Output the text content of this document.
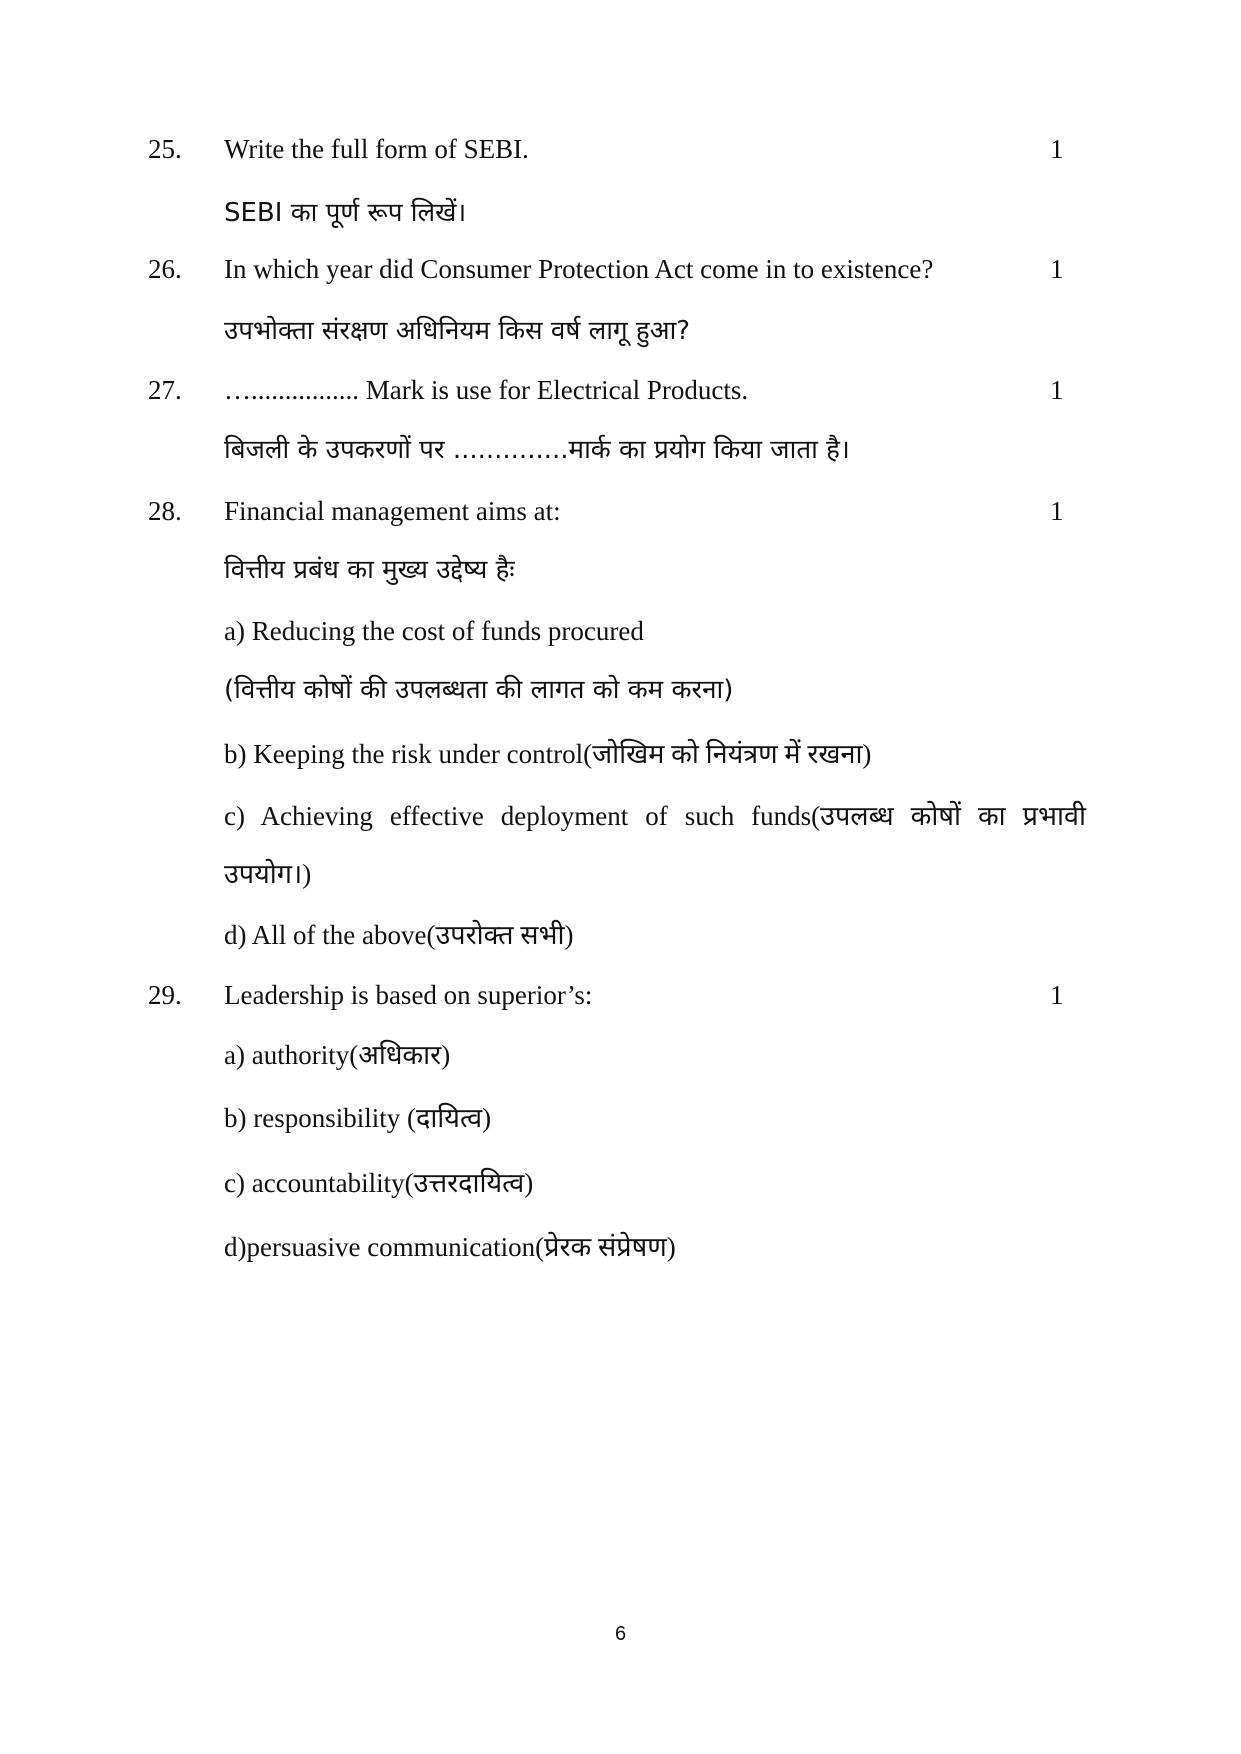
25. Write the full form of SEBI.	1
SEBI का पूर्ण रूप लिखें।
26. In which year did Consumer Protection Act come in to existence?	1
उपभोक्ता संरक्षण अधिनियम किस वर्ष लागू हुआ?
27. …................ Mark is use for Electrical Products.	1
बिजली के उपकरणों पर ..............मार्क का प्रयोग किया जाता है।
28. Financial management aims at:	1
वित्तीय प्रबंध का मुख्य उद्देष्य हैः
a) Reducing the cost of funds procured
(वित्तीय कोषों की उपलब्धता की लागत को कम करना)
b) Keeping the risk under control(जोखिम को नियंत्रण में रखना)
c) Achieving effective deployment of such funds(उपलब्ध कोषों का प्रभावी उपयोग।)
d) All of the above(उपरोक्त सभी)
29. Leadership is based on superior’s:	1
a) authority(अधिकार)
b) responsibility (दायित्व)
c) accountability(उत्तरदायित्व)
d)persuasive communication(प्रेरक संप्रेषण)
6
